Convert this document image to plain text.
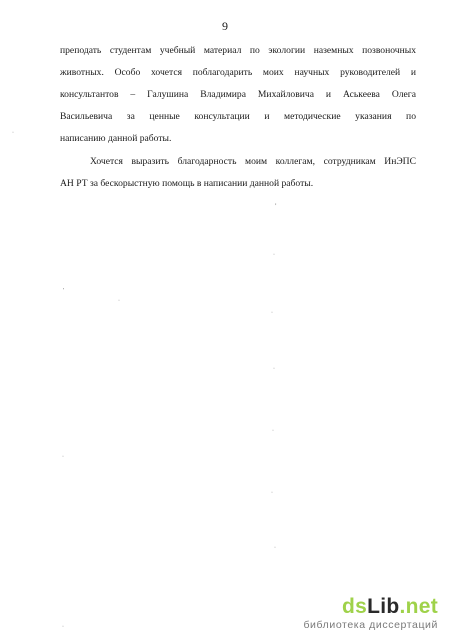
9
преподать студентам учебный материал по экологии наземных позвоночных
животных. Особо хочется поблагодарить моих научных руководителей и
консультантов – Галушина Владимира Михайловича и Аськеева Олега
Васильевича за ценные консультации и методические указания по
написанию данной работы.
Хочется выразить благодарность моим коллегам, сотрудникам ИнЭПС
АН РТ за бескорыстную помощь в написании данной работы.
·
·
'
,
·
·
·
·
·
·
·
·
dsLib.net
библиотека диссертаций
